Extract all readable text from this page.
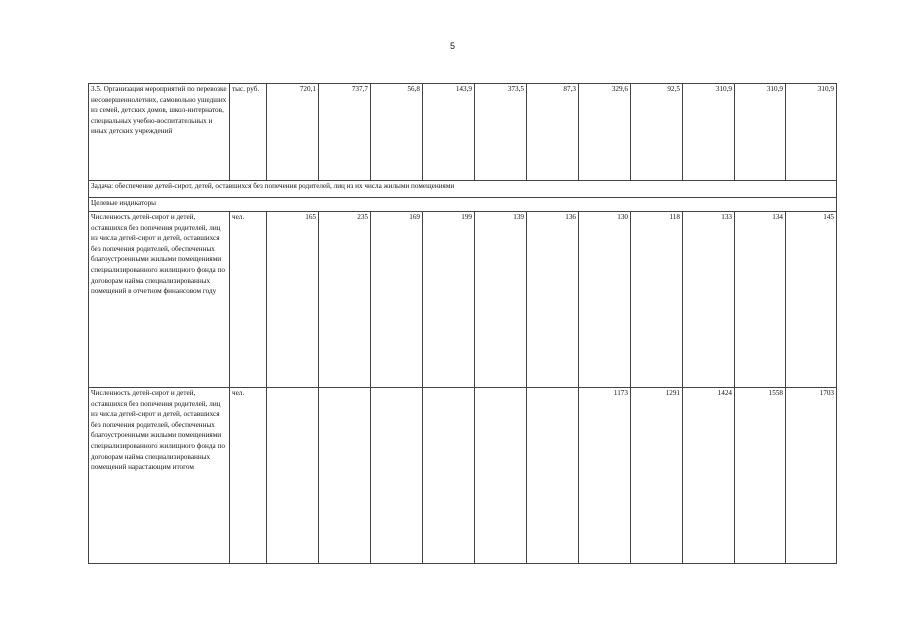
5
3.5. Организация мероприятий по перевозке несовершеннолетних, самовольно ушедших из семей, детских домов, школ-интернатов, специальных учебно-воспитательных и иных детских учреждений	тыс. руб.	720,1	737,7	56,8	143,9	373,5	87,3	329,6	92,5	310,9	310,9	310,9
Задача: обеспечение детей-сирот, детей, оставшихся без попечения родителей, лиц из их числа жилыми помещениями												
Целевые индикаторы												
Численность детей-сирот и детей, оставшихся без попечения родителей, лиц из числа детей-сирот и детей, оставшихся без попечения родителей, обеспеченных благоустроенными жилыми помещениями специализированного жилищного фонда по договорам найма специализированных помещений в отчетном финансовом году	чел.	165	235	169	199	139	136	130	118	133	134	145
Численность детей-сирот и детей, оставшихся без попечения родителей, лиц из числа детей-сирот и детей, оставшихся без попечения родителей, обеспеченных благоустроенными жилыми помещениями специализированного жилищного фонда по договорам найма специализированных помещений нарастающим итогом	чел.							1173	1291	1424	1558	1703
